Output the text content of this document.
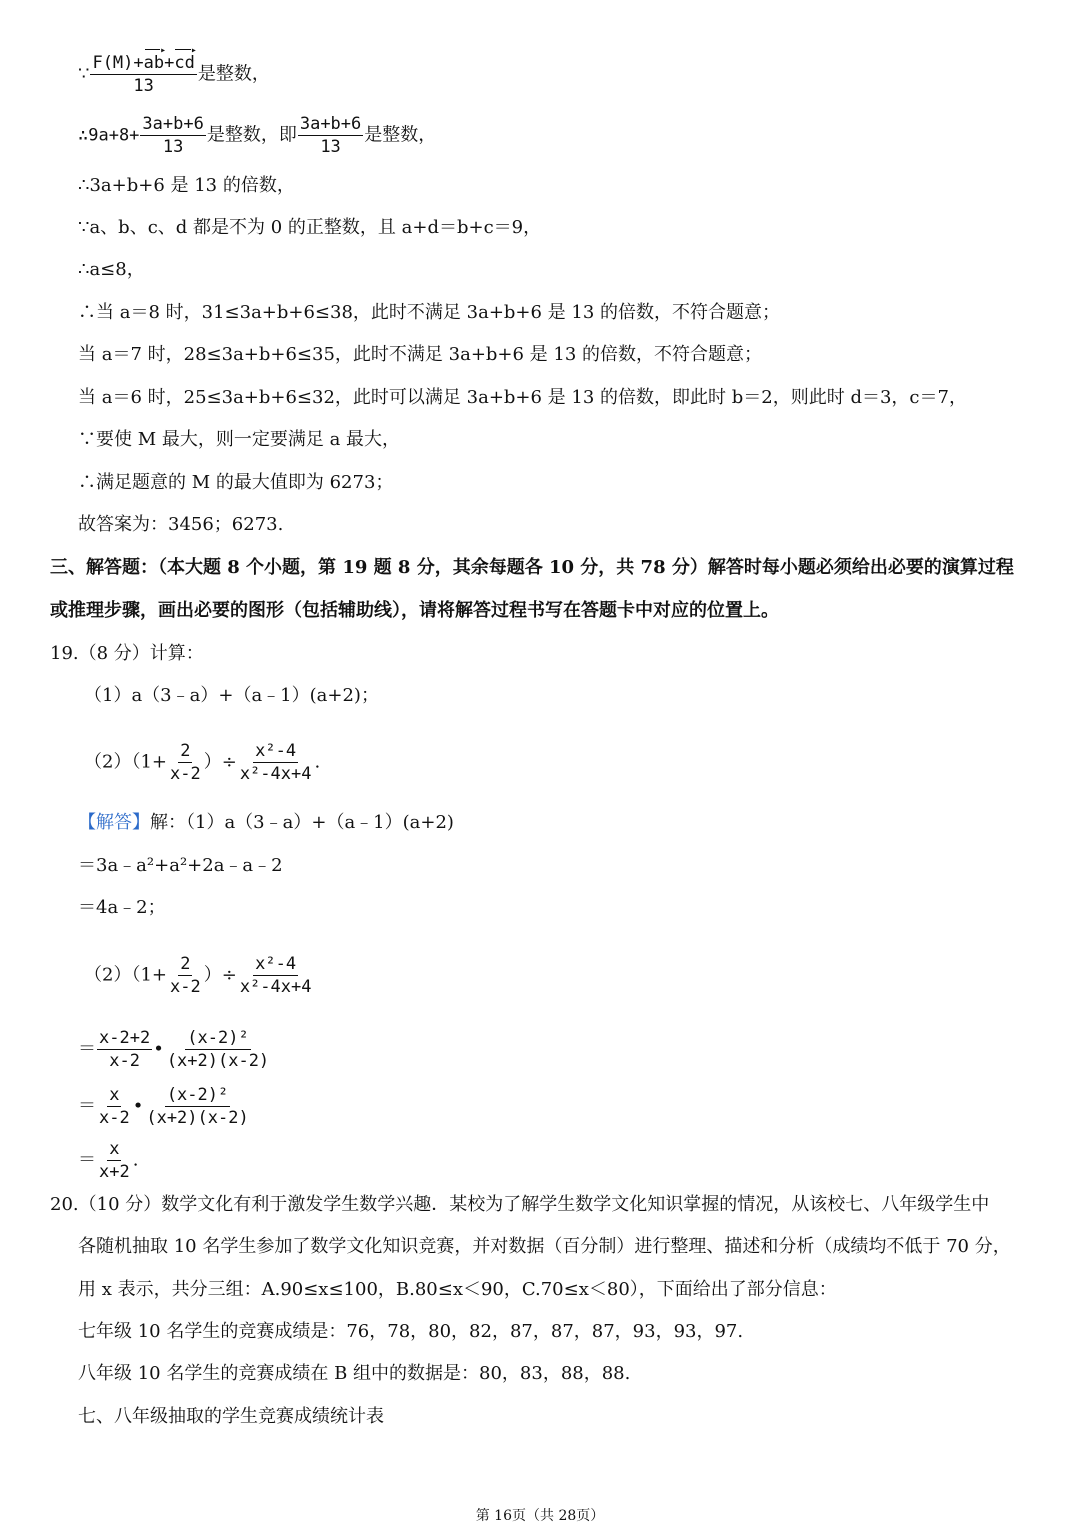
∵ $\frac{F(M)+ab ▸+cd ▸}{13}$ 是整数，
∴9a+8+ $\frac{3a+b+6}{13}$ 是整数，即 $\frac{3a+b+6}{13}$ 是整数，
∴3a+b+6 是 13 的倍数，
∵a、b、c、d 都是不为 0 的正整数，且 a+d＝b+c＝9，
∴a≤8，
∴当 a＝8 时，31≤3a+b+6≤38，此时不满足 3a+b+6 是 13 的倍数，不符合题意；
当 a＝7 时，28≤3a+b+6≤35，此时不满足 3a+b+6 是 13 的倍数，不符合题意；
当 a＝6 时，25≤3a+b+6≤32，此时可以满足 3a+b+6 是 13 的倍数，即此时 b＝2，则此时 d＝3，c＝7，
∵要使 M 最大，则一定要满足 a 最大，
∴满足题意的 M 的最大值即为 6273；
故答案为：3456；6273.
三、解答题：（本大题 8 个小题，第 19 题 8 分，其余每题各 10 分，共 78 分）解答时每小题必须给出必要的演算过程
或推理步骤，画出必要的图形（包括辅助线），请将解答过程书写在答题卡中对应的位置上。
19.（8 分）计算：
（1）a（3﹣a）+（a﹣1）(a+2)；
$(2)(1+ \frac{2}{x-2}$ ）÷ $\frac{\text{x²-4}}{\text{x²-4x+4}}$ .
【解答】解：（1）a（3﹣a）+（a﹣1）(a+2)
＝3a﹣a²+a²+2a﹣a﹣2
＝4a﹣2；
$(2)(1+ \frac{2}{x-2}$ ）÷ $\frac{\text{x²-4}}{\text{x²-4x+4}}$
＝ $\frac{x-2+2}{x-2}$ • $\frac{\text{(x-2)²}}{(x+2)(x-2)}$
＝ $\frac{x}{x-2}$ • $\frac{\text{(x-2)²}}{(x+2)(x-2)}$
＝ $\frac{x}{x+2}$ .
20.（10 分）数学文化有利于激发学生数学兴趣．某校为了解学生数学文化知识掌握的情况，从该校七、八年级学生中
各随机抽取 10 名学生参加了数学文化知识竞赛，并对数据（百分制）进行整理、描述和分析（成绩均不低于 70 分，
用 x 表示，共分三组：A.90≤x≤100，B.80≤x＜90，C.70≤x＜80），下面给出了部分信息：
七年级 10 名学生的竞赛成绩是：76，78，80，82，87，87，87，93，93，97.
八年级 10 名学生的竞赛成绩在 B 组中的数据是：80，83，88，88.
七、八年级抽取的学生竞赛成绩统计表
第 16页（共 28页）
